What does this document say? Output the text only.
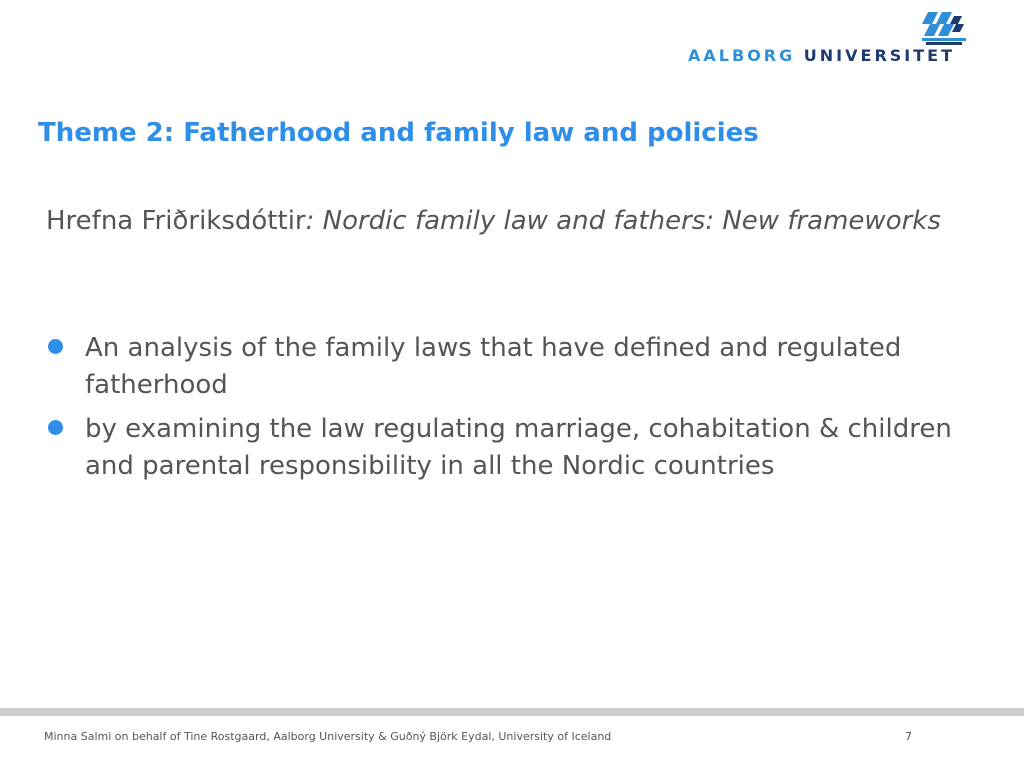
AALBORG UNIVERSITET
Theme 2: Fatherhood and family law and policies
Hrefna Friðriksdóttir: Nordic family law and fathers: New frameworks
An analysis of the family laws that have defined and regulated fatherhood
by examining the law regulating marriage, cohabitation & children and parental responsibility in all the Nordic countries
Minna Salmi on behalf of Tine Rostgaard, Aalborg University & Guðný Björk Eydal, University of Iceland	7
